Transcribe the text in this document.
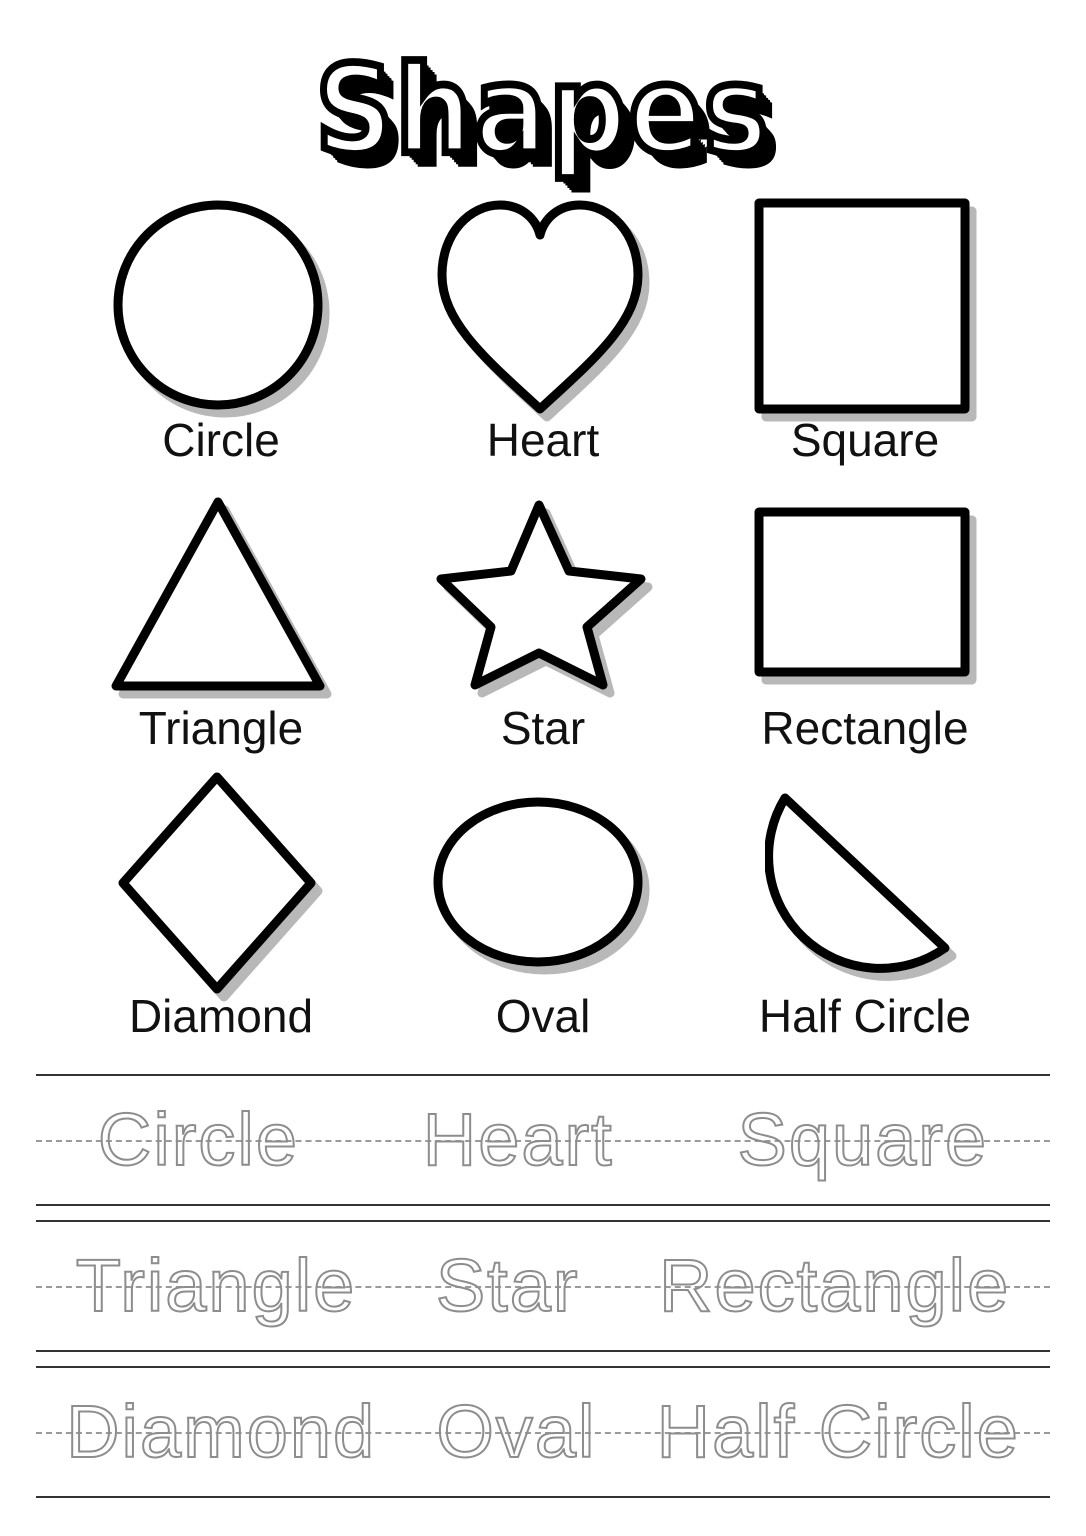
Shapes
Circle	Heart	Square
Triangle	Star	Rectangle
Diamond	Oval	Half Circle
Circle Heart Square
Triangle Star Rectangle
Diamond Oval Half Circle
